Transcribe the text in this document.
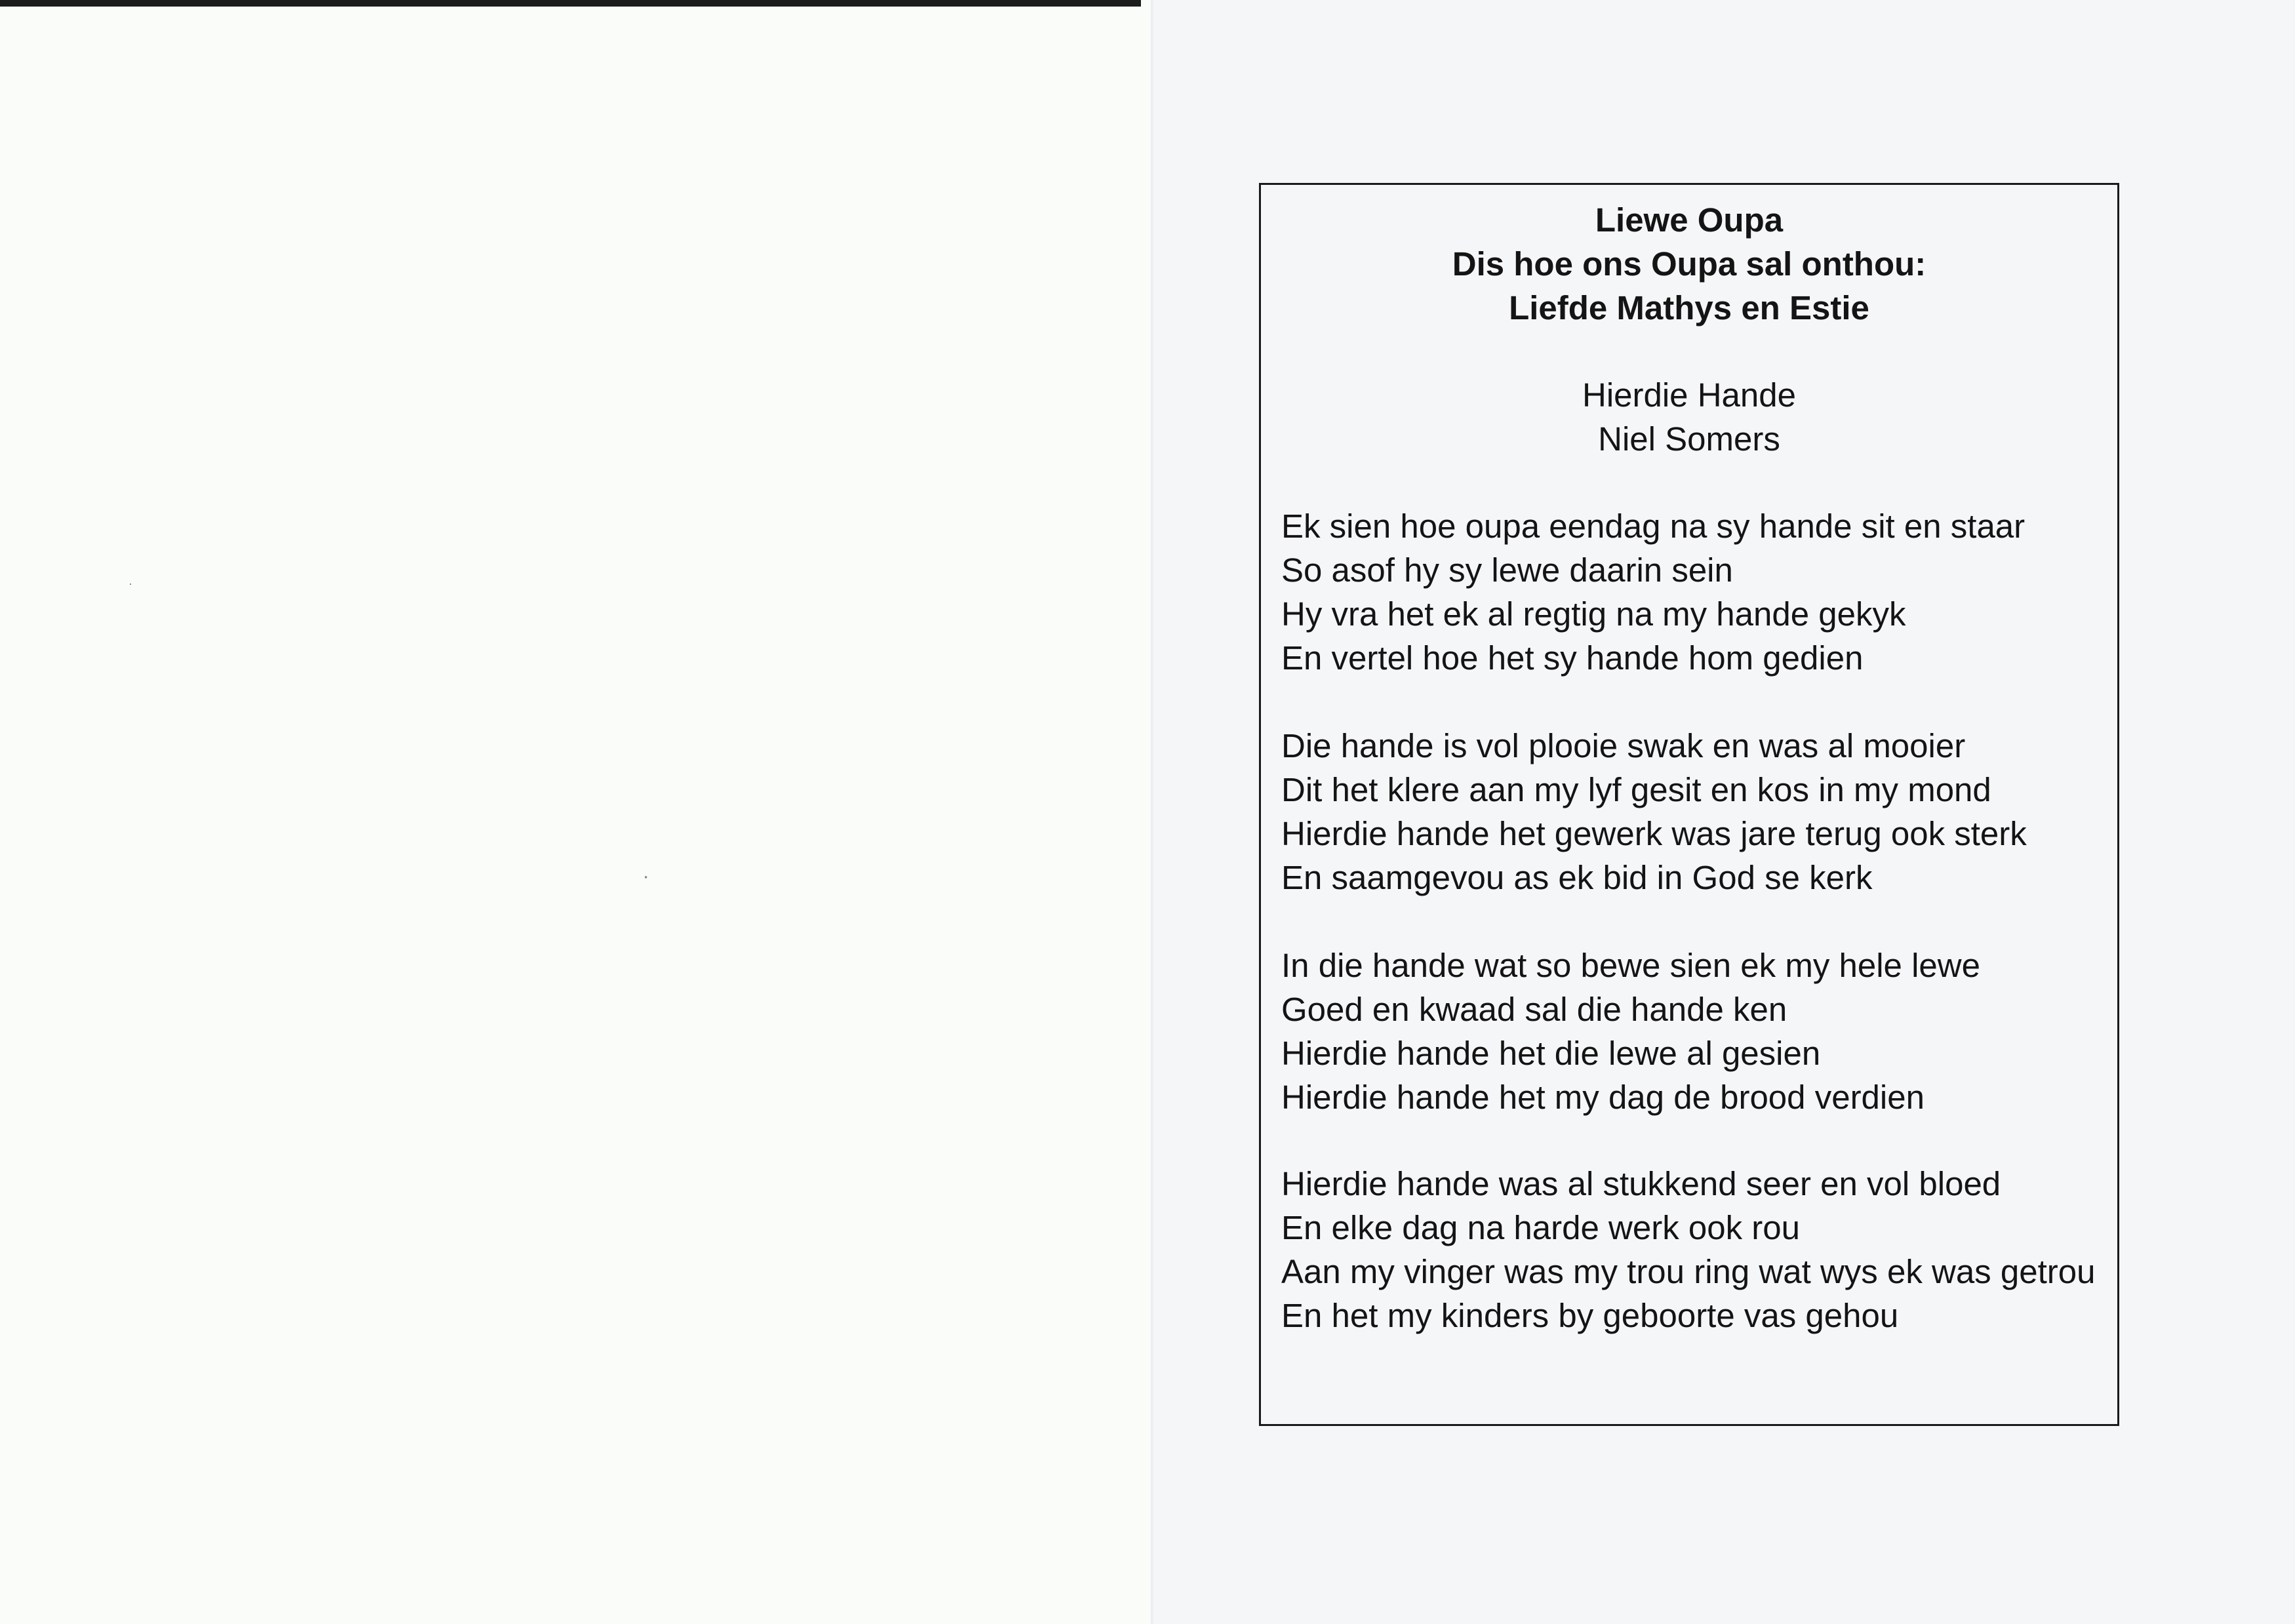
·
·
Liewe Oupa
Dis hoe ons Oupa sal onthou:
Liefde Mathys en Estie
Hierdie Hande
Niel Somers
Ek sien hoe oupa eendag na sy hande sit en staar
So asof hy sy lewe daarin sein
Hy vra het ek al regtig na my hande gekyk
En vertel hoe het sy hande hom gedien
Die hande is vol plooie swak en was al mooier
Dit het klere aan my lyf gesit en kos in my mond
Hierdie hande het gewerk was jare terug ook sterk
En saamgevou as ek bid in God se kerk
In die hande wat so bewe sien ek my hele lewe
Goed en kwaad sal die hande ken
Hierdie hande het die lewe al gesien
Hierdie hande het my dag de brood verdien
Hierdie hande was al stukkend seer en vol bloed
En elke dag na harde werk ook rou
Aan my vinger was my trou ring wat wys ek was getrou
En het my kinders by geboorte vas gehou
